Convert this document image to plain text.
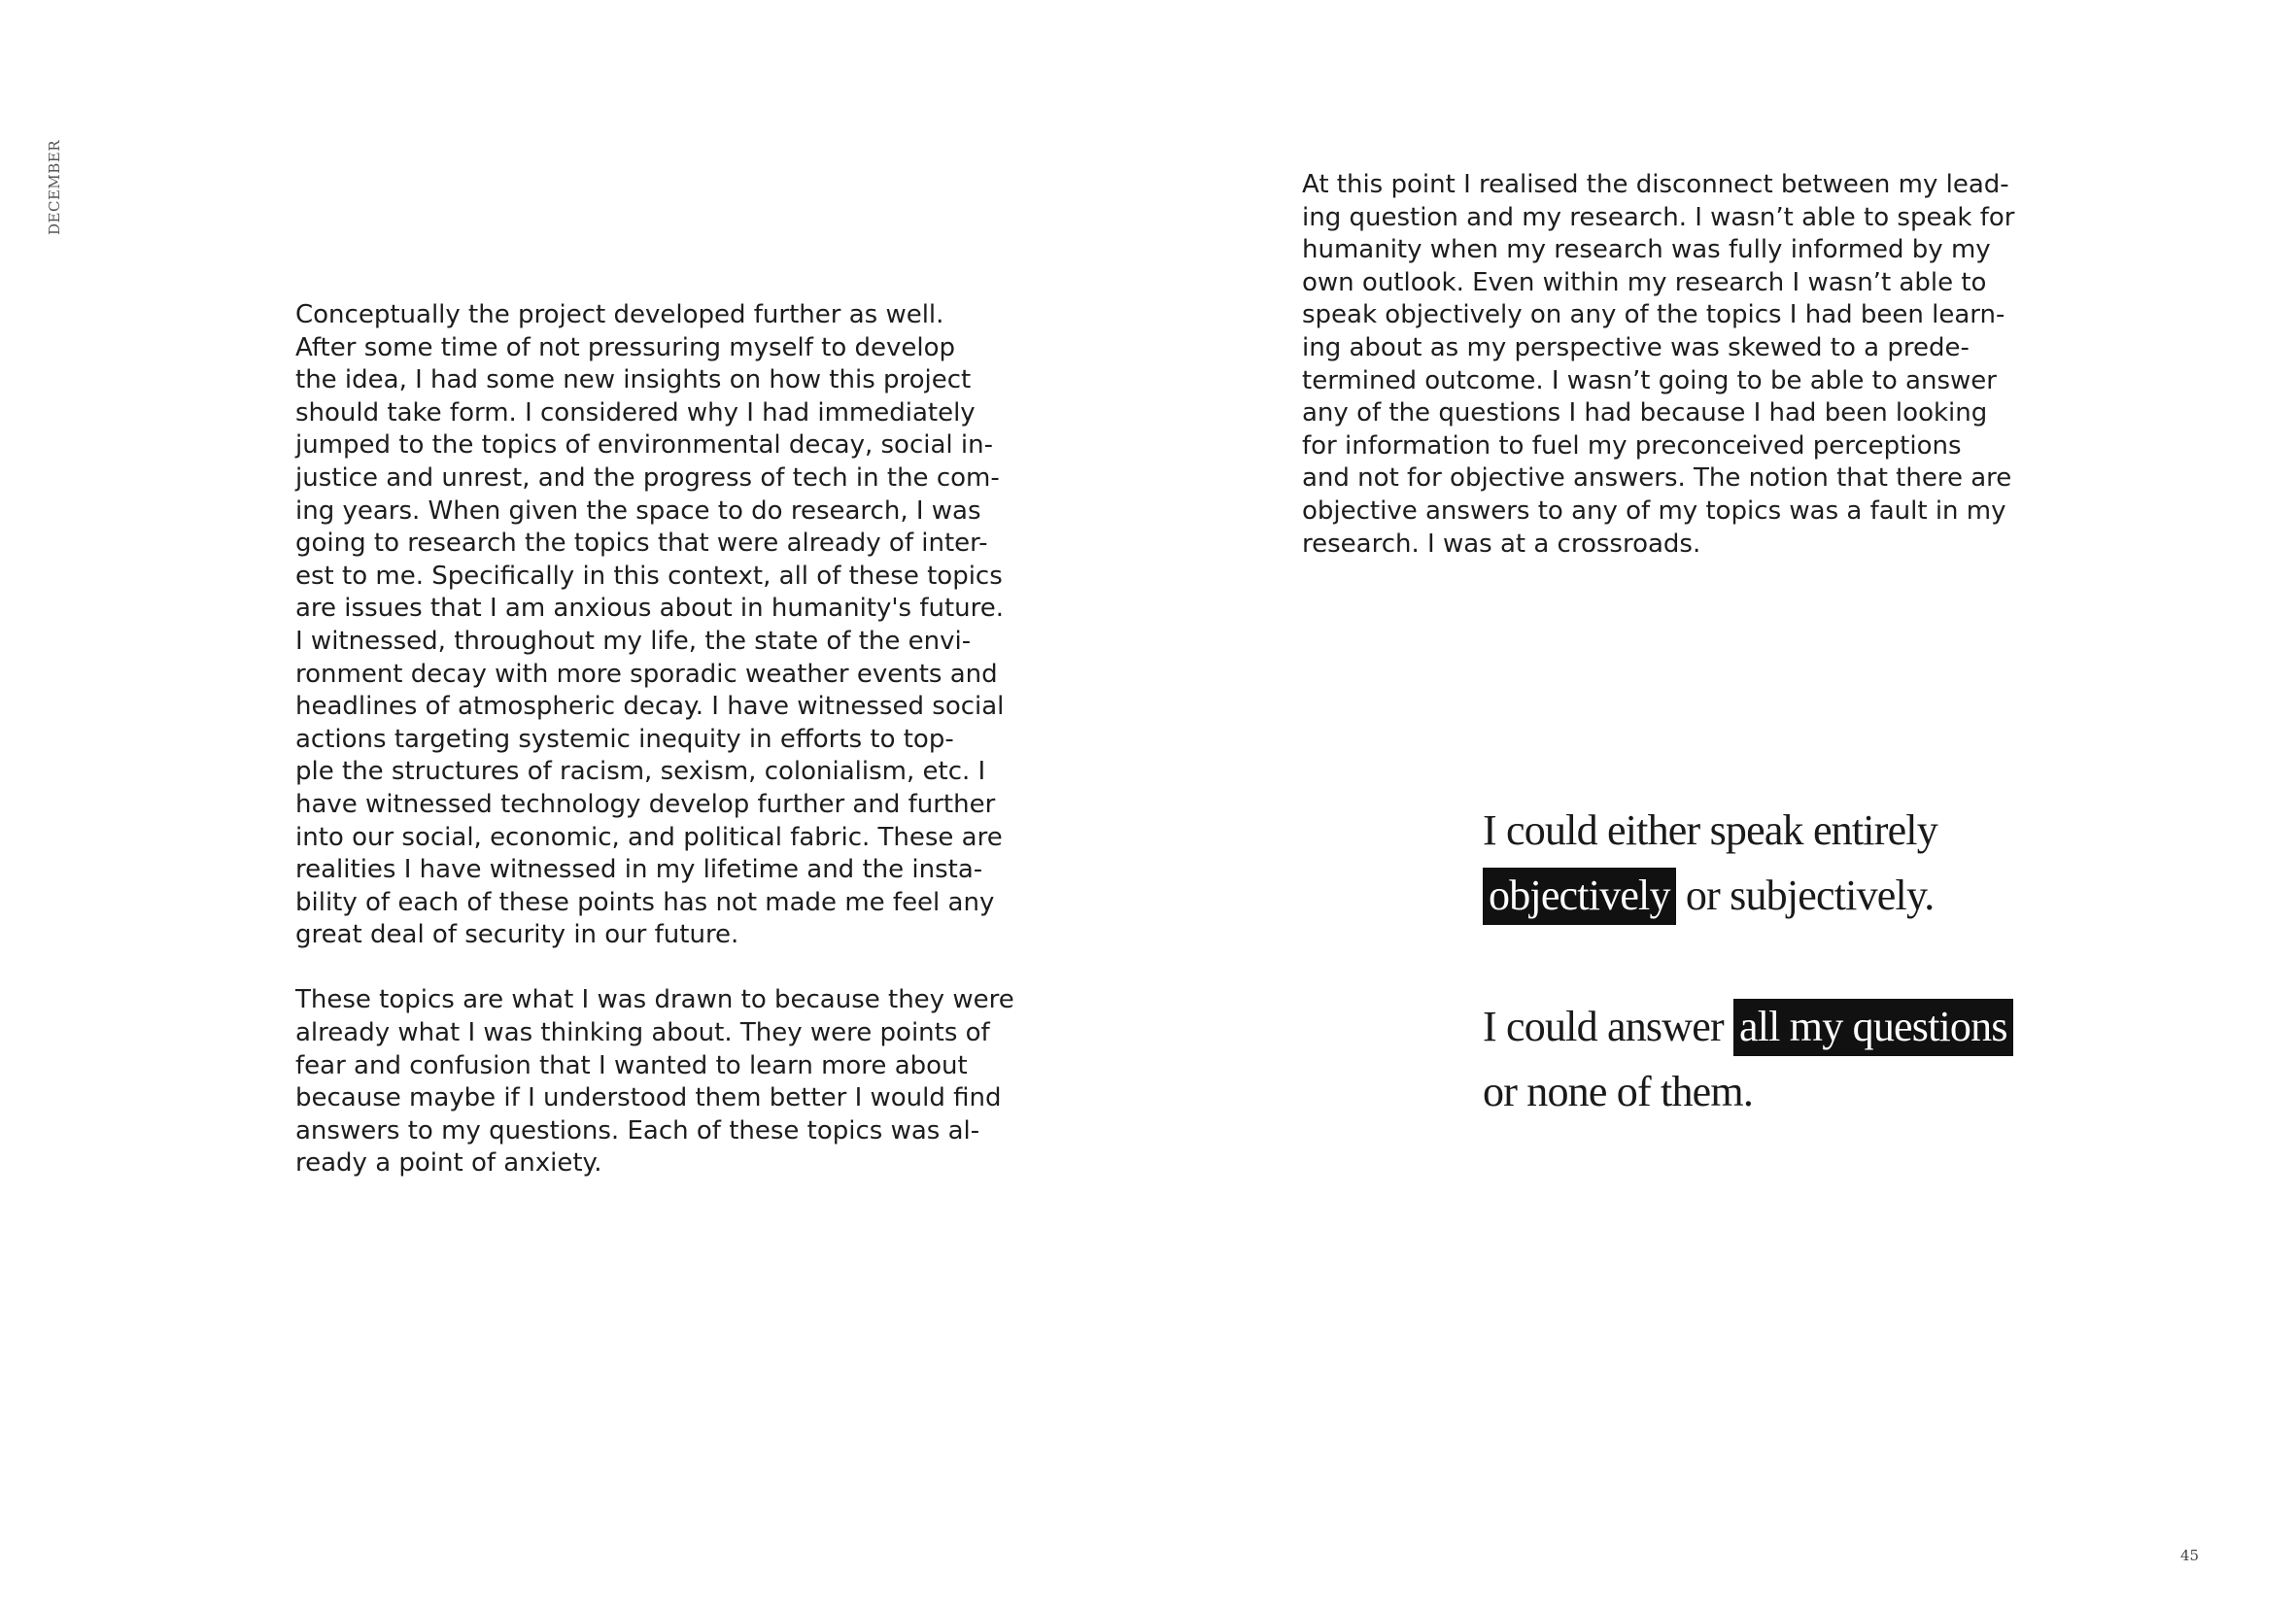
DECEMBER
Conceptually the project developed further as well.
After some time of not pressuring myself to develop
the idea, I had some new insights on how this project
should take form. I considered why I had immediately
jumped to the topics of environmental decay, social in-
justice and unrest, and the progress of tech in the com-
ing years. When given the space to do research, I was
going to research the topics that were already of inter-
est to me. Specifically in this context, all of these topics
are issues that I am anxious about in humanity's future.
I witnessed, throughout my life, the state of the envi-
ronment decay with more sporadic weather events and
headlines of atmospheric decay. I have witnessed social
actions targeting systemic inequity in efforts to top-
ple the structures of racism, sexism, colonialism, etc. I
have witnessed technology develop further and further
into our social, economic, and political fabric. These are
realities I have witnessed in my lifetime and the insta-
bility of each of these points has not made me feel any
great deal of security in our future.
These topics are what I was drawn to because they were
already what I was thinking about. They were points of
fear and confusion that I wanted to learn more about
because maybe if I understood them better I would find
answers to my questions. Each of these topics was al-
ready a point of anxiety.
At this point I realised the disconnect between my lead-
ing question and my research. I wasn’t able to speak for
humanity when my research was fully informed by my
own outlook. Even within my research I wasn’t able to
speak objectively on any of the topics I had been learn-
ing about as my perspective was skewed to a prede-
termined outcome. I wasn’t going to be able to answer
any of the questions I had because I had been looking
for information to fuel my preconceived perceptions
and not for objective answers. The notion that there are
objective answers to any of my topics was a fault in my
research. I was at a crossroads.
I could either speak entirely
objectively or subjectively.
I could answer all my questions
or none of them.
45
